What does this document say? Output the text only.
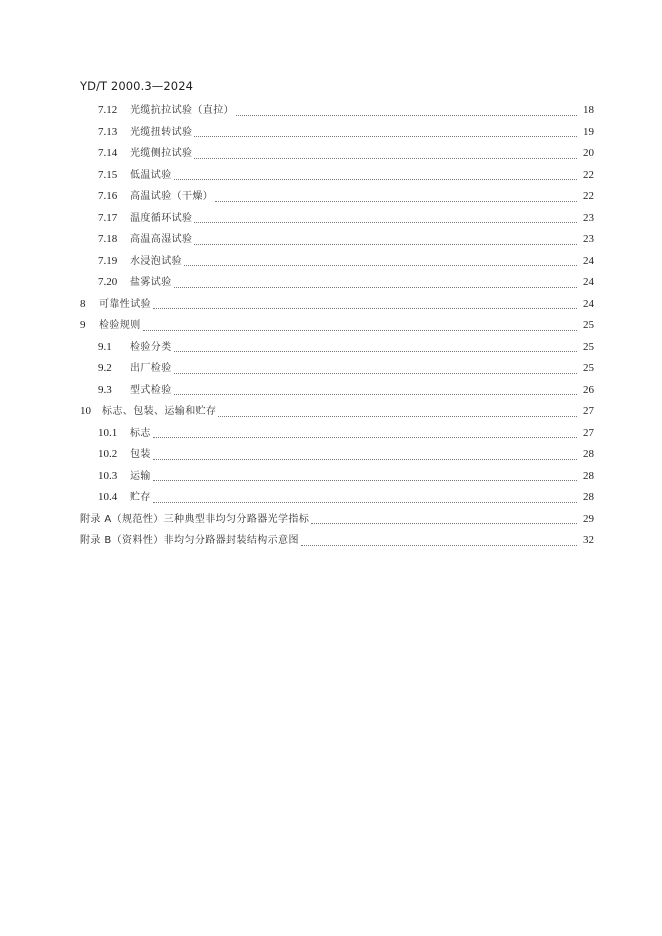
YD/T 2000.3—2024
7.12	光缆抗拉试验（直拉）	18
7.13	光缆扭转试验	19
7.14	光缆侧拉试验	20
7.15	低温试验	22
7.16	高温试验（干燥）	22
7.17	温度循环试验	23
7.18	高温高湿试验	23
7.19	水浸泡试验	24
7.20	盐雾试验	24
8	可靠性试验	24
9	检验规则	25
9.1	检验分类	25
9.2	出厂检验	25
9.3	型式检验	26
10	标志、包装、运输和贮存	27
10.1	标志	27
10.2	包装	28
10.3	运输	28
10.4	贮存	28
附录 A（规范性）三种典型非均匀分路器光学指标	29
附录 B（资料性）非均匀分路器封装结构示意图	32
